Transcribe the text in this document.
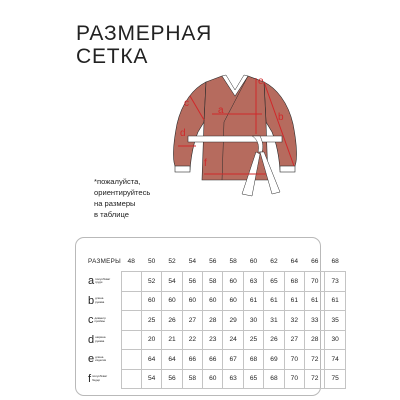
РАЗМЕРНАЯ
СЕТКА
a
b
c
d
e
f
*пожалуйста,
ориентируйтесь
на размеры
в таблице
РАЗМЕРЫ	48	50	52	54	56	58	60	62	64	66	68

a полуобхват
груди		52	54	56	58	60	63	65	68	70	73

b длина
рукава		60	60	60	60	60	61	61	61	61	61

c диаметр
проймы		25	26	27	28	29	30	31	32	33	35

d ширина
рукава		20	21	22	23	24	25	26	27	28	30

e длина
изделия		64	64	66	66	67	68	69	70	72	74

f полуобхват
бедер		54	56	58	60	63	65	68	70	72	75
